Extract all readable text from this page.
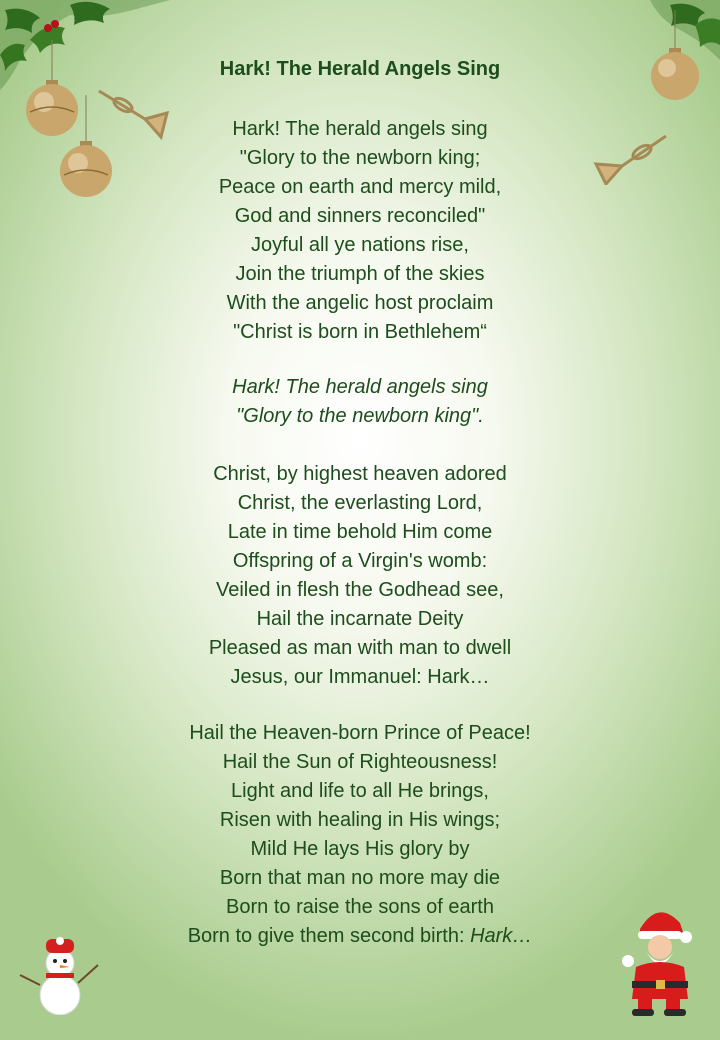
Hark! The Herald Angels Sing

Hark! The herald angels sing

"Glory to the newborn king;

Peace on earth and mercy mild,

God and sinners reconciled"

Joyful all ye nations rise,

Join the triumph of the skies

With the angelic host proclaim

"Christ is born in Bethlehem“

Hark! The herald angels sing

"Glory to the newborn king".

Christ, by highest heaven adored

Christ, the everlasting Lord,

Late in time behold Him come

Offspring of a Virgin's womb:

Veiled in flesh the Godhead see,

Hail the incarnate Deity

Pleased as man with man to dwell

Jesus, our Immanuel: Hark…

Hail the Heaven-born Prince of Peace!

Hail the Sun of Righteousness!

Light and life to all He brings,

Risen with healing in His wings;

Mild He lays His glory by

Born that man no more may die

Born to raise the sons of earth

Born to give them second birth: Hark…
